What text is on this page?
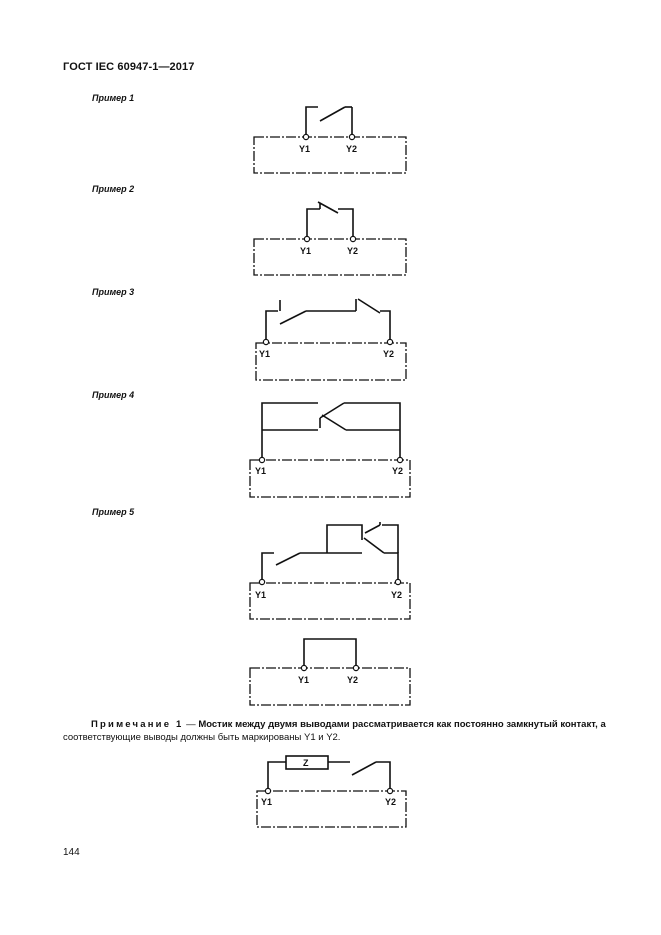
ГОСТ IEC 60947-1—2017
Пример 1
Пример 2
Пример 3
Пример 4
Пример 5
Y1	Y2
Y1	Y2
Y1	Y2
Y1	Y2
Y1	Y2
Y1	Y2
Y1	Y2
Z
Примечание 1 — Мостик между двумя выводами рассматривается как постоянно замкнутый контакт, а
соответствующие выводы должны быть маркированы Y1 и Y2.
144
